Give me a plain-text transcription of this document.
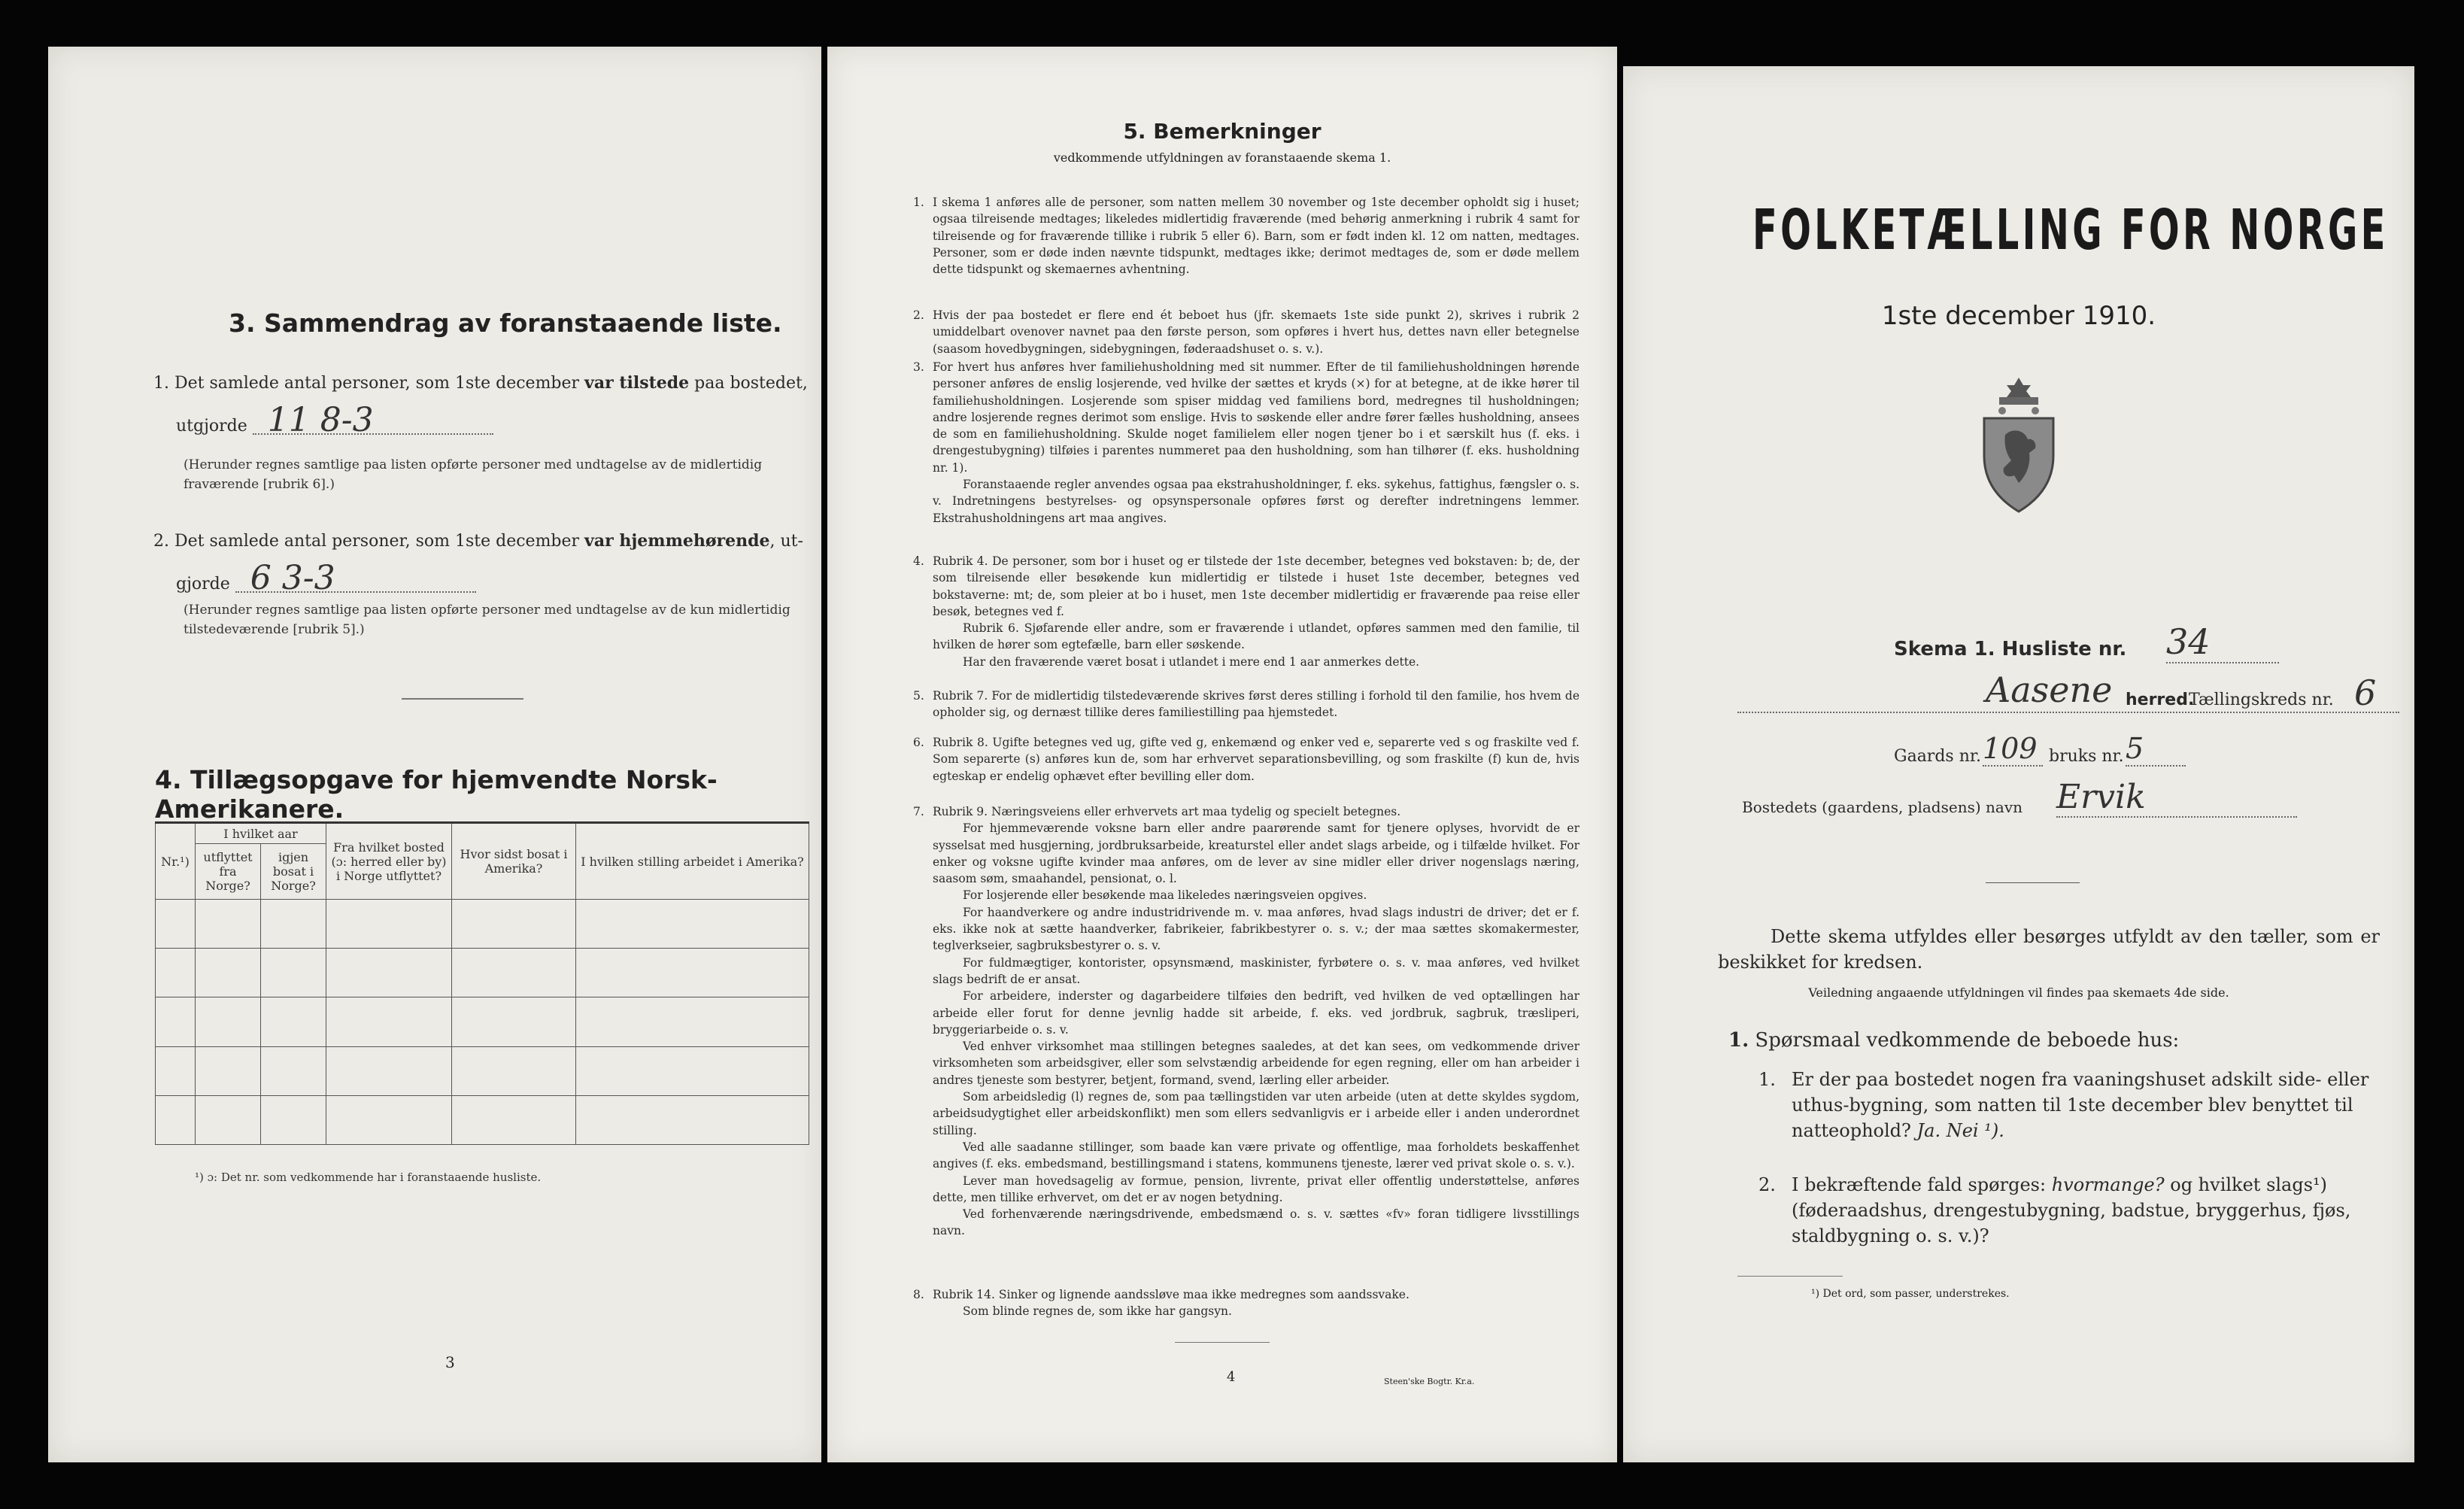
3. Sammendrag av foranstaaende liste.
1. Det samlede antal personer, som 1ste december var tilstede paa bostedet,
utgjorde 11 8-3
(Herunder regnes samtlige paa listen opførte personer med undtagelse av de midlertidig fraværende [rubrik 6].)
2. Det samlede antal personer, som 1ste december var hjemmehørende, ut-
gjorde 6 3-3
(Herunder regnes samtlige paa listen opførte personer med undtagelse av de kun midlertidig tilstedeværende [rubrik 5].)
4. Tillægsopgave for hjemvendte Norsk-Amerikanere.
Nr.¹)	I hvilket aar		Fra hvilket bosted (ɔ: herred eller by) i Norge utflyttet?	Hvor sidst bosat i Amerika?	I hvilken stilling arbeidet i Amerika?
	utflyttet fra Norge?	igjen bosat i Norge?			

¹) ɔ: Det nr. som vedkommende har i foranstaaende husliste.
3
5. Bemerkninger
vedkommende utfyldningen av foranstaaende skema 1.
1. I skema 1 anføres alle de personer, som natten mellem 30 november og 1ste december opholdt sig i huset; ogsaa tilreisende medtages; likeledes midlertidig fraværende (med behørig anmerkning i rubrik 4 samt for tilreisende og for fraværende tillike i rubrik 5 eller 6). Barn, som er født inden kl. 12 om natten, medtages. Personer, som er døde inden nævnte tidspunkt, medtages ikke; derimot medtages de, som er døde mellem dette tidspunkt og skemaernes avhentning.
2. Hvis der paa bostedet er flere end ét beboet hus (jfr. skemaets 1ste side punkt 2), skrives i rubrik 2 umiddelbart ovenover navnet paa den første person, som opføres i hvert hus, dettes navn eller betegnelse (saasom hovedbygningen, sidebygningen, føderaadshuset o. s. v.).
3. For hvert hus anføres hver familiehusholdning med sit nummer. Efter de til familiehusholdningen hørende personer anføres de enslig losjerende, ved hvilke der sættes et kryds (×) for at betegne, at de ikke hører til familiehusholdningen. Losjerende som spiser middag ved familiens bord, medregnes til husholdningen; andre losjerende regnes derimot som enslige. Hvis to søskende eller andre fører fælles husholdning, ansees de som en familiehusholdning. Skulde noget familielem eller nogen tjener bo i et særskilt hus (f. eks. i drengestubygning) tilføies i parentes nummeret paa den husholdning, som han tilhører (f. eks. husholdning nr. 1).
Foranstaaende regler anvendes ogsaa paa ekstrahusholdninger, f. eks. sykehus, fattighus, fængsler o. s. v. Indretningens bestyrelses- og opsynspersonale opføres først og derefter indretningens lemmer. Ekstrahusholdningens art maa angives.
4. Rubrik 4. De personer, som bor i huset og er tilstede der 1ste december, betegnes ved bokstaven: b; de, der som tilreisende eller besøkende kun midlertidig er tilstede i huset 1ste december, betegnes ved bokstaverne: mt; de, som pleier at bo i huset, men 1ste december midlertidig er fraværende paa reise eller besøk, betegnes ved f.
Rubrik 6. Sjøfarende eller andre, som er fraværende i utlandet, opføres sammen med den familie, til hvilken de hører som egtefælle, barn eller søskende.
Har den fraværende været bosat i utlandet i mere end 1 aar anmerkes dette.
5. Rubrik 7. For de midlertidig tilstedeværende skrives først deres stilling i forhold til den familie, hos hvem de opholder sig, og dernæst tillike deres familiestilling paa hjemstedet.
6. Rubrik 8. Ugifte betegnes ved ug, gifte ved g, enkemænd og enker ved e, separerte ved s og fraskilte ved f. Som separerte (s) anføres kun de, som har erhvervet separationsbevilling, og som fraskilte (f) kun de, hvis egteskap er endelig ophævet efter bevilling eller dom.
7. Rubrik 9. Næringsveiens eller erhvervets art maa tydelig og specielt betegnes.
For hjemmeværende voksne barn eller andre paarørende samt for tjenere oplyses, hvorvidt de er sysselsat med husgjerning, jordbruksarbeide, kreaturstel eller andet slags arbeide, og i tilfælde hvilket. For enker og voksne ugifte kvinder maa anføres, om de lever av sine midler eller driver nogenslags næring, saasom søm, smaahandel, pensionat, o. l.
For losjerende eller besøkende maa likeledes næringsveien opgives.
For haandverkere og andre industridrivende m. v. maa anføres, hvad slags industri de driver; det er f. eks. ikke nok at sætte haandverker, fabrikeier, fabrikbestyrer o. s. v.; der maa sættes skomakermester, teglverkseier, sagbruksbestyrer o. s. v.
For fuldmægtiger, kontorister, opsynsmænd, maskinister, fyrbøtere o. s. v. maa anføres, ved hvilket slags bedrift de er ansat.
For arbeidere, inderster og dagarbeidere tilføies den bedrift, ved hvilken de ved optællingen har arbeide eller forut for denne jevnlig hadde sit arbeide, f. eks. ved jordbruk, sagbruk, træsliperi, bryggeriarbeide o. s. v.
Ved enhver virksomhet maa stillingen betegnes saaledes, at det kan sees, om vedkommende driver virksomheten som arbeidsgiver, eller som selvstændig arbeidende for egen regning, eller om han arbeider i andres tjeneste som bestyrer, betjent, formand, svend, lærling eller arbeider.
Som arbeidsledig (l) regnes de, som paa tællingstiden var uten arbeide (uten at dette skyldes sygdom, arbeidsudygtighet eller arbeidskonflikt) men som ellers sedvanligvis er i arbeide eller i anden underordnet stilling.
Ved alle saadanne stillinger, som baade kan være private og offentlige, maa forholdets beskaffenhet angives (f. eks. embedsmand, bestillingsmand i statens, kommunens tjeneste, lærer ved privat skole o. s. v.).
Lever man hovedsagelig av formue, pension, livrente, privat eller offentlig understøttelse, anføres dette, men tillike erhvervet, om det er av nogen betydning.
Ved forhenværende næringsdrivende, embedsmænd o. s. v. sættes «fv» foran tidligere livsstillings navn.
8. Rubrik 14. Sinker og lignende aandssløve maa ikke medregnes som aandssvake.
Som blinde regnes de, som ikke har gangsyn.
4	Steen'ske Bogtr. Kr.a.
FOLKETÆLLING FOR NORGE
1ste december 1910.
Skema 1. Husliste nr. 34
Aasene herred.
Tællingskreds nr. 6
Gaards nr. 109 bruks nr. 5
Bostedets (gaardens, pladsens) navn Ervik
Dette skema utfyldes eller besørges utfyldt av den tæller, som er beskikket for kredsen.
Veiledning angaaende utfyldningen vil findes paa skemaets 4de side.
1. Spørsmaal vedkommende de beboede hus:
1. Er der paa bostedet nogen fra vaaningshuset adskilt side- eller uthus-bygning, som natten til 1ste december blev benyttet til natteophold? Ja. Nei ¹).
2. I bekræftende fald spørges: hvormange? og hvilket slags¹) (føderaadshus, drengestubygning, badstue, bryggerhus, fjøs, staldbygning o. s. v.)?
¹) Det ord, som passer, understrekes.
